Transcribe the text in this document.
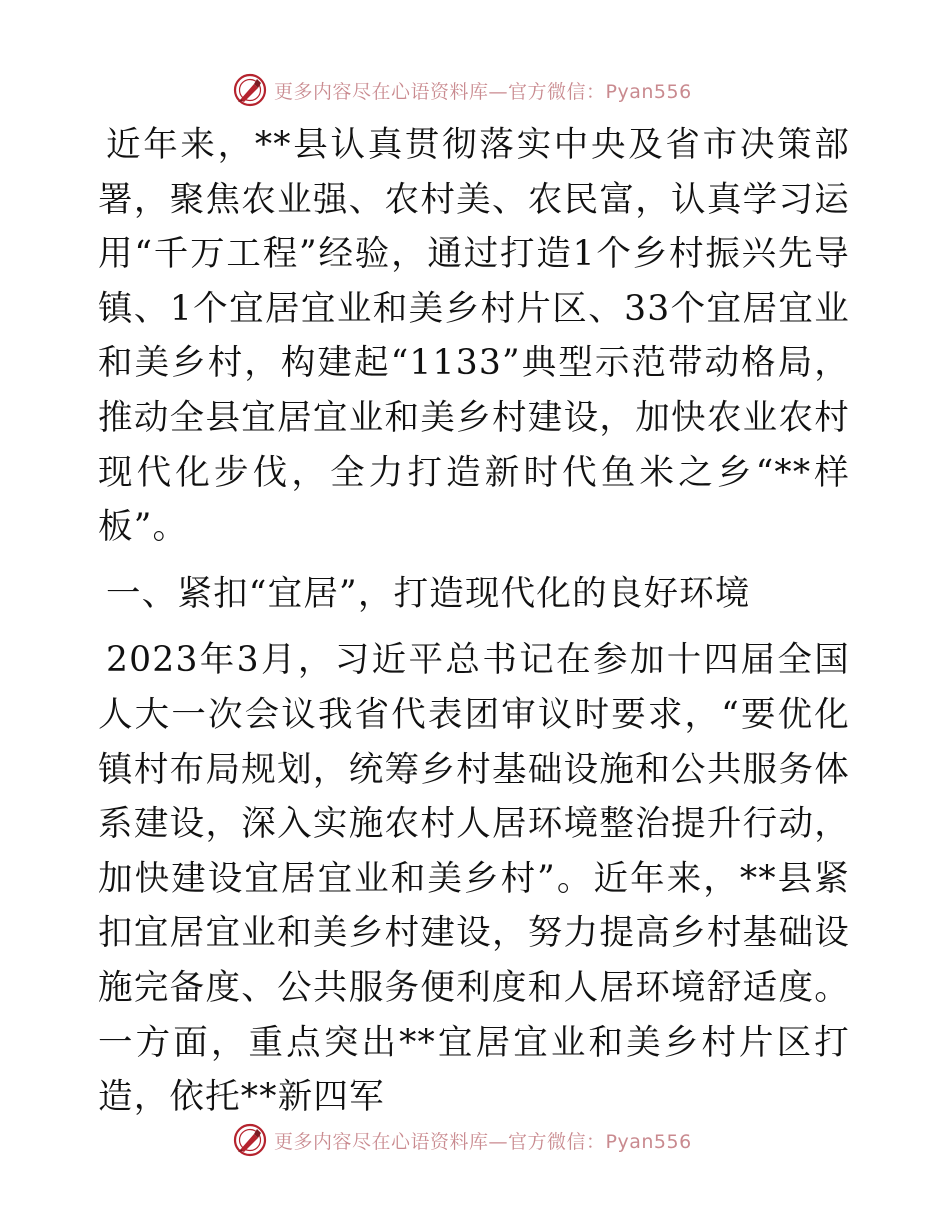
更多内容尽在心语资料库—官方微信：Pyan556

近年来，**县认真贯彻落实中央及省市决策部署，聚焦农业强、农村美、农民富，认真学习运用“千万工程”经验，通过打造1个乡村振兴先导镇、1个宜居宜业和美乡村片区、33个宜居宜业和美乡村，构建起“1133”典型示范带动格局，推动全县宜居宜业和美乡村建设，加快农业农村现代化步伐，全力打造新时代鱼米之乡“**样板”。

一、紧扣“宜居”，打造现代化的良好环境

2023年3月，习近平总书记在参加十四届全国人大一次会议我省代表团审议时要求，“要优化镇村布局规划，统筹乡村基础设施和公共服务体系建设，深入实施农村人居环境整治提升行动，加快建设宜居宜业和美乡村”。近年来，**县紧扣宜居宜业和美乡村建设，努力提高乡村基础设施完备度、公共服务便利度和人居环境舒适度。一方面，重点突出**宜居宜业和美乡村片区打造，依托**新四军

更多内容尽在心语资料库—官方微信：Pyan556
